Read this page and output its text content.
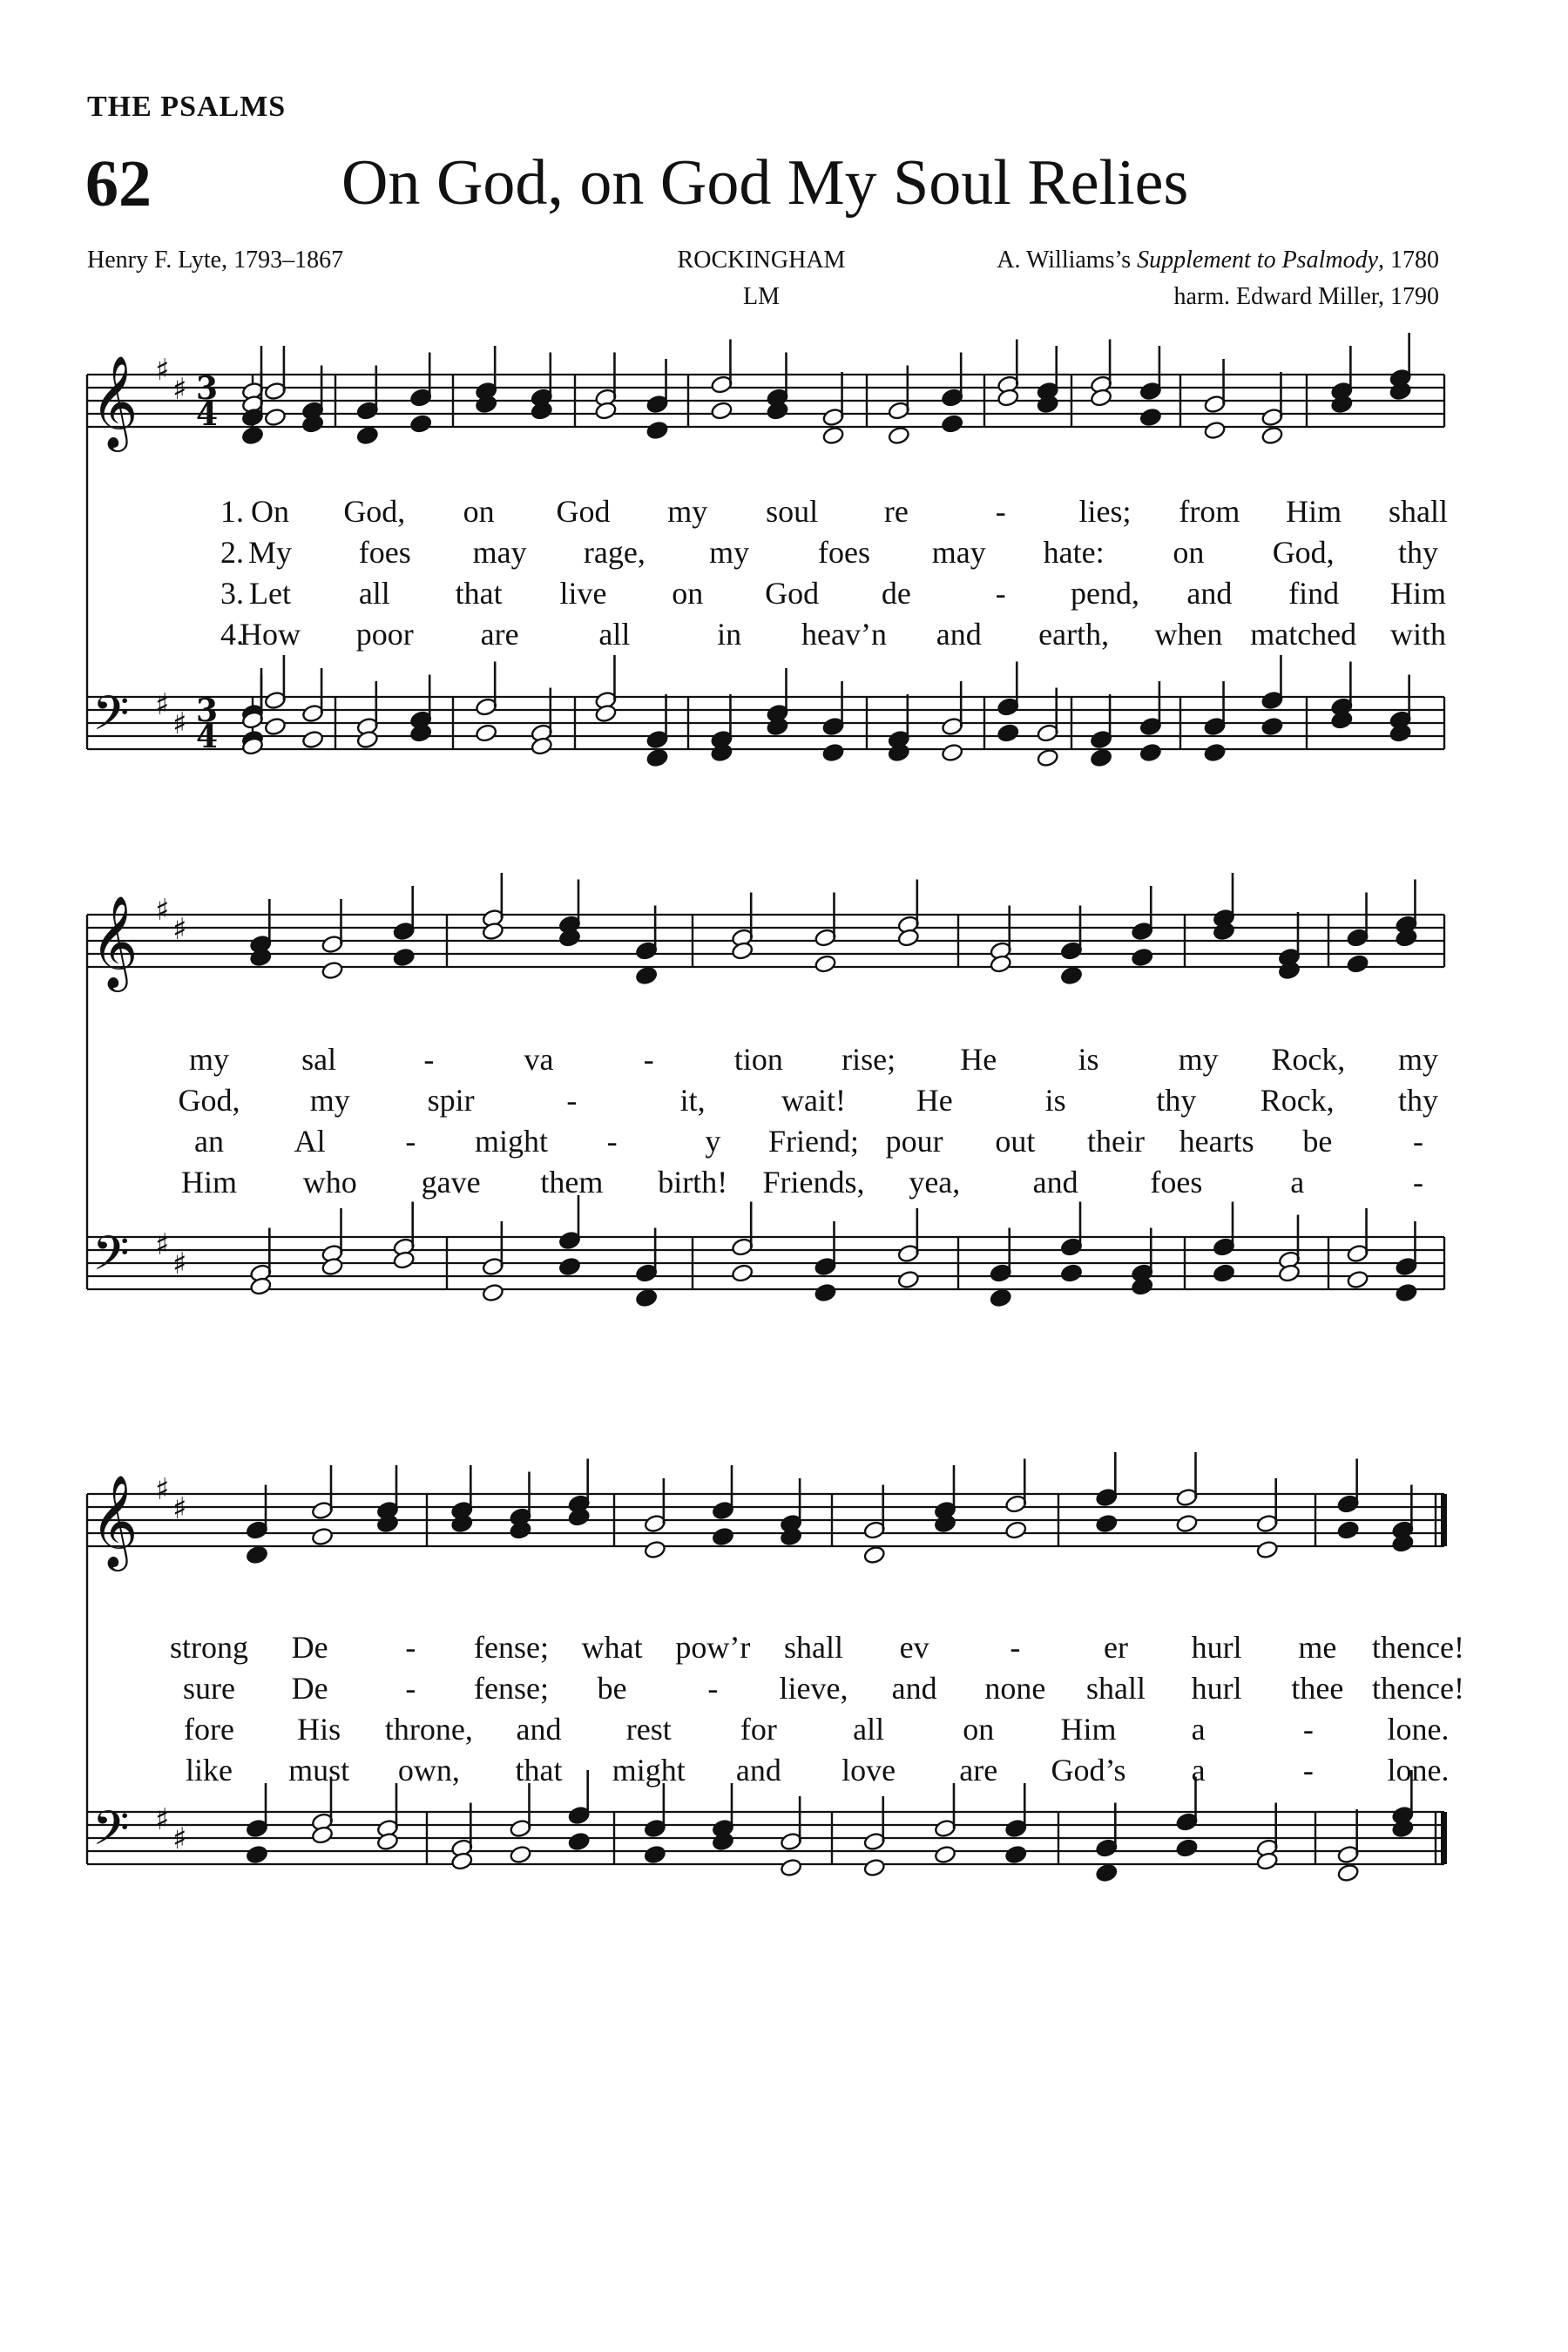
THE PSALMS
62	On God, on God My Soul Relies
Henry F. Lyte, 1793–1867	ROCKINGHAM
LM
A. Williams’s Supplement to Psalmody, 1780
harm. Edward Miller, 1790
𝄞 ♯
♯ 3
4
𝄢 ♯
♯ 3
4
𝄞 ♯
♯
𝄢 ♯
♯
𝄞 ♯
♯
𝄢 ♯
♯
1. On God, on God my soul re	- lies; from Him shall
2. My foes may rage, my foes may hate: on God, thy
3. Let all that live on God de	- pend, and find Him
4.
How poor are	all	in heav’n and earth, when matched with
my sal	-	va	-	tion rise; He	is	my Rock, my
God, my spir	-	it, wait! He	is	thy Rock, thy
an Al	- might -	y Friend; pour out their hearts be	-
Him who gave them birth! Friends, yea, and foes	a	-
strong De - fense; what pow’r shall ev	-	er hurl me thence!
sure De - fense; be	- lieve, and none shall hurl thee thence!
fore His throne, and rest for all	on Him a	- lone.
like must own, that might and love are God’s a	- lone.
